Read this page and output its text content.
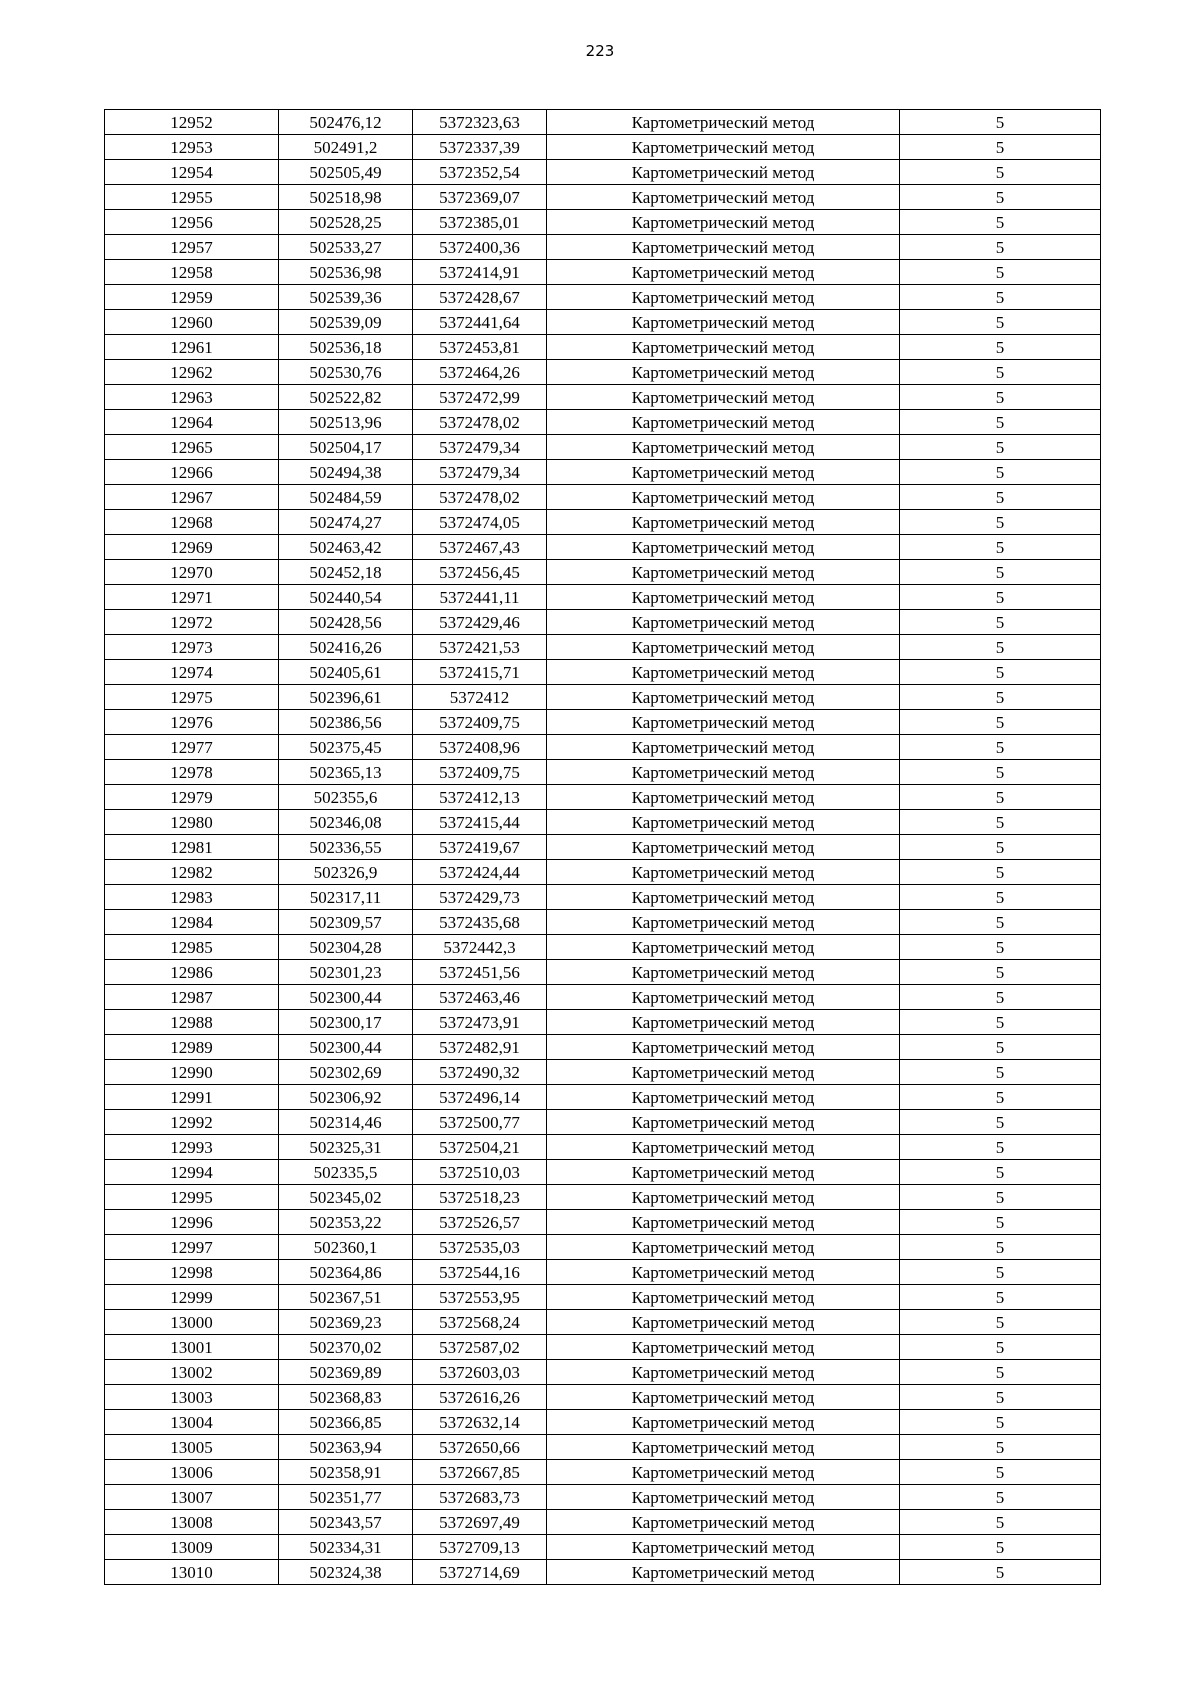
223
12952	502476,12	5372323,63	Картометрический метод	5
12953	502491,2	5372337,39	Картометрический метод	5
12954	502505,49	5372352,54	Картометрический метод	5
12955	502518,98	5372369,07	Картометрический метод	5
12956	502528,25	5372385,01	Картометрический метод	5
12957	502533,27	5372400,36	Картометрический метод	5
12958	502536,98	5372414,91	Картометрический метод	5
12959	502539,36	5372428,67	Картометрический метод	5
12960	502539,09	5372441,64	Картометрический метод	5
12961	502536,18	5372453,81	Картометрический метод	5
12962	502530,76	5372464,26	Картометрический метод	5
12963	502522,82	5372472,99	Картометрический метод	5
12964	502513,96	5372478,02	Картометрический метод	5
12965	502504,17	5372479,34	Картометрический метод	5
12966	502494,38	5372479,34	Картометрический метод	5
12967	502484,59	5372478,02	Картометрический метод	5
12968	502474,27	5372474,05	Картометрический метод	5
12969	502463,42	5372467,43	Картометрический метод	5
12970	502452,18	5372456,45	Картометрический метод	5
12971	502440,54	5372441,11	Картометрический метод	5
12972	502428,56	5372429,46	Картометрический метод	5
12973	502416,26	5372421,53	Картометрический метод	5
12974	502405,61	5372415,71	Картометрический метод	5
12975	502396,61	5372412	Картометрический метод	5
12976	502386,56	5372409,75	Картометрический метод	5
12977	502375,45	5372408,96	Картометрический метод	5
12978	502365,13	5372409,75	Картометрический метод	5
12979	502355,6	5372412,13	Картометрический метод	5
12980	502346,08	5372415,44	Картометрический метод	5
12981	502336,55	5372419,67	Картометрический метод	5
12982	502326,9	5372424,44	Картометрический метод	5
12983	502317,11	5372429,73	Картометрический метод	5
12984	502309,57	5372435,68	Картометрический метод	5
12985	502304,28	5372442,3	Картометрический метод	5
12986	502301,23	5372451,56	Картометрический метод	5
12987	502300,44	5372463,46	Картометрический метод	5
12988	502300,17	5372473,91	Картометрический метод	5
12989	502300,44	5372482,91	Картометрический метод	5
12990	502302,69	5372490,32	Картометрический метод	5
12991	502306,92	5372496,14	Картометрический метод	5
12992	502314,46	5372500,77	Картометрический метод	5
12993	502325,31	5372504,21	Картометрический метод	5
12994	502335,5	5372510,03	Картометрический метод	5
12995	502345,02	5372518,23	Картометрический метод	5
12996	502353,22	5372526,57	Картометрический метод	5
12997	502360,1	5372535,03	Картометрический метод	5
12998	502364,86	5372544,16	Картометрический метод	5
12999	502367,51	5372553,95	Картометрический метод	5
13000	502369,23	5372568,24	Картометрический метод	5
13001	502370,02	5372587,02	Картометрический метод	5
13002	502369,89	5372603,03	Картометрический метод	5
13003	502368,83	5372616,26	Картометрический метод	5
13004	502366,85	5372632,14	Картометрический метод	5
13005	502363,94	5372650,66	Картометрический метод	5
13006	502358,91	5372667,85	Картометрический метод	5
13007	502351,77	5372683,73	Картометрический метод	5
13008	502343,57	5372697,49	Картометрический метод	5
13009	502334,31	5372709,13	Картометрический метод	5
13010	502324,38	5372714,69	Картометрический метод	5
